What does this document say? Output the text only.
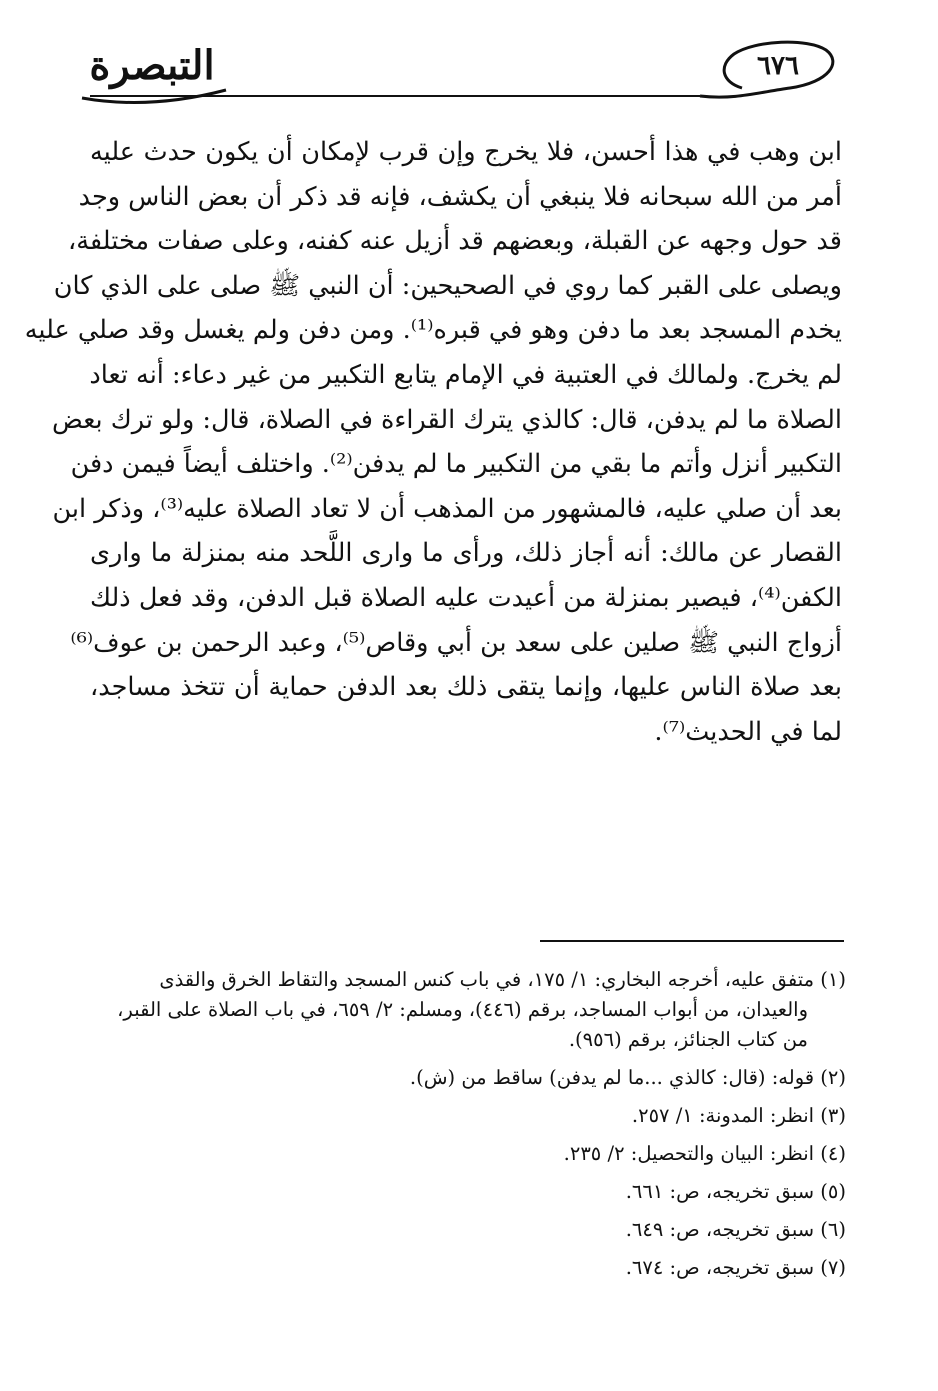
٦٧٦
التبصرة
ابن وهب في هذا أحسن، فلا يخرج وإن قرب لإمكان أن يكون حدث عليه
أمر من الله سبحانه فلا ينبغي أن يكشف، فإنه قد ذكر أن بعض الناس وجد
قد حول وجهه عن القبلة، وبعضهم قد أزيل عنه كفنه، وعلى صفات مختلفة،
ويصلى على القبر كما روي في الصحيحين: أن النبي ﷺ صلى على الذي كان
يخدم المسجد بعد ما دفن وهو في قبره⁽¹⁾. ومن دفن ولم يغسل وقد صلي عليه
لم يخرج. ولمالك في العتبية في الإمام يتابع التكبير من غير دعاء: أنه تعاد
الصلاة ما لم يدفن، قال: كالذي يترك القراءة في الصلاة، قال: ولو ترك بعض
التكبير أنزل وأتم ما بقي من التكبير ما لم يدفن⁽²⁾. واختلف أيضاً فيمن دفن
بعد أن صلي عليه، فالمشهور من المذهب أن لا تعاد الصلاة عليه⁽³⁾، وذكر ابن
القصار عن مالك: أنه أجاز ذلك، ورأى ما وارى اللَّحد منه بمنزلة ما وارى
الكفن⁽⁴⁾، فيصير بمنزلة من أعيدت عليه الصلاة قبل الدفن، وقد فعل ذلك
أزواج النبي ﷺ صلين على سعد بن أبي وقاص⁽⁵⁾، وعبد الرحمن بن عوف⁽⁶⁾
بعد صلاة الناس عليها، وإنما يتقى ذلك بعد الدفن حماية أن تتخذ مساجد،
لما في الحديث⁽⁷⁾.
(١) متفق عليه، أخرجه البخاري: ١/ ١٧٥، في باب كنس المسجد والتقاط الخرق والقذى
والعيدان، من أبواب المساجد، برقم (٤٤٦)، ومسلم: ٢/ ٦٥٩، في باب الصلاة على القبر،
من كتاب الجنائز، برقم (٩٥٦).
(٢) قوله: (قال: كالذي ...ما لم يدفن) ساقط من (ش).
(٣) انظر: المدونة: ١/ ٢٥٧.
(٤) انظر: البيان والتحصيل: ٢/ ٢٣٥.
(٥) سبق تخريجه، ص: ٦٦١.
(٦) سبق تخريجه، ص: ٦٤٩.
(٧) سبق تخريجه، ص: ٦٧٤.
